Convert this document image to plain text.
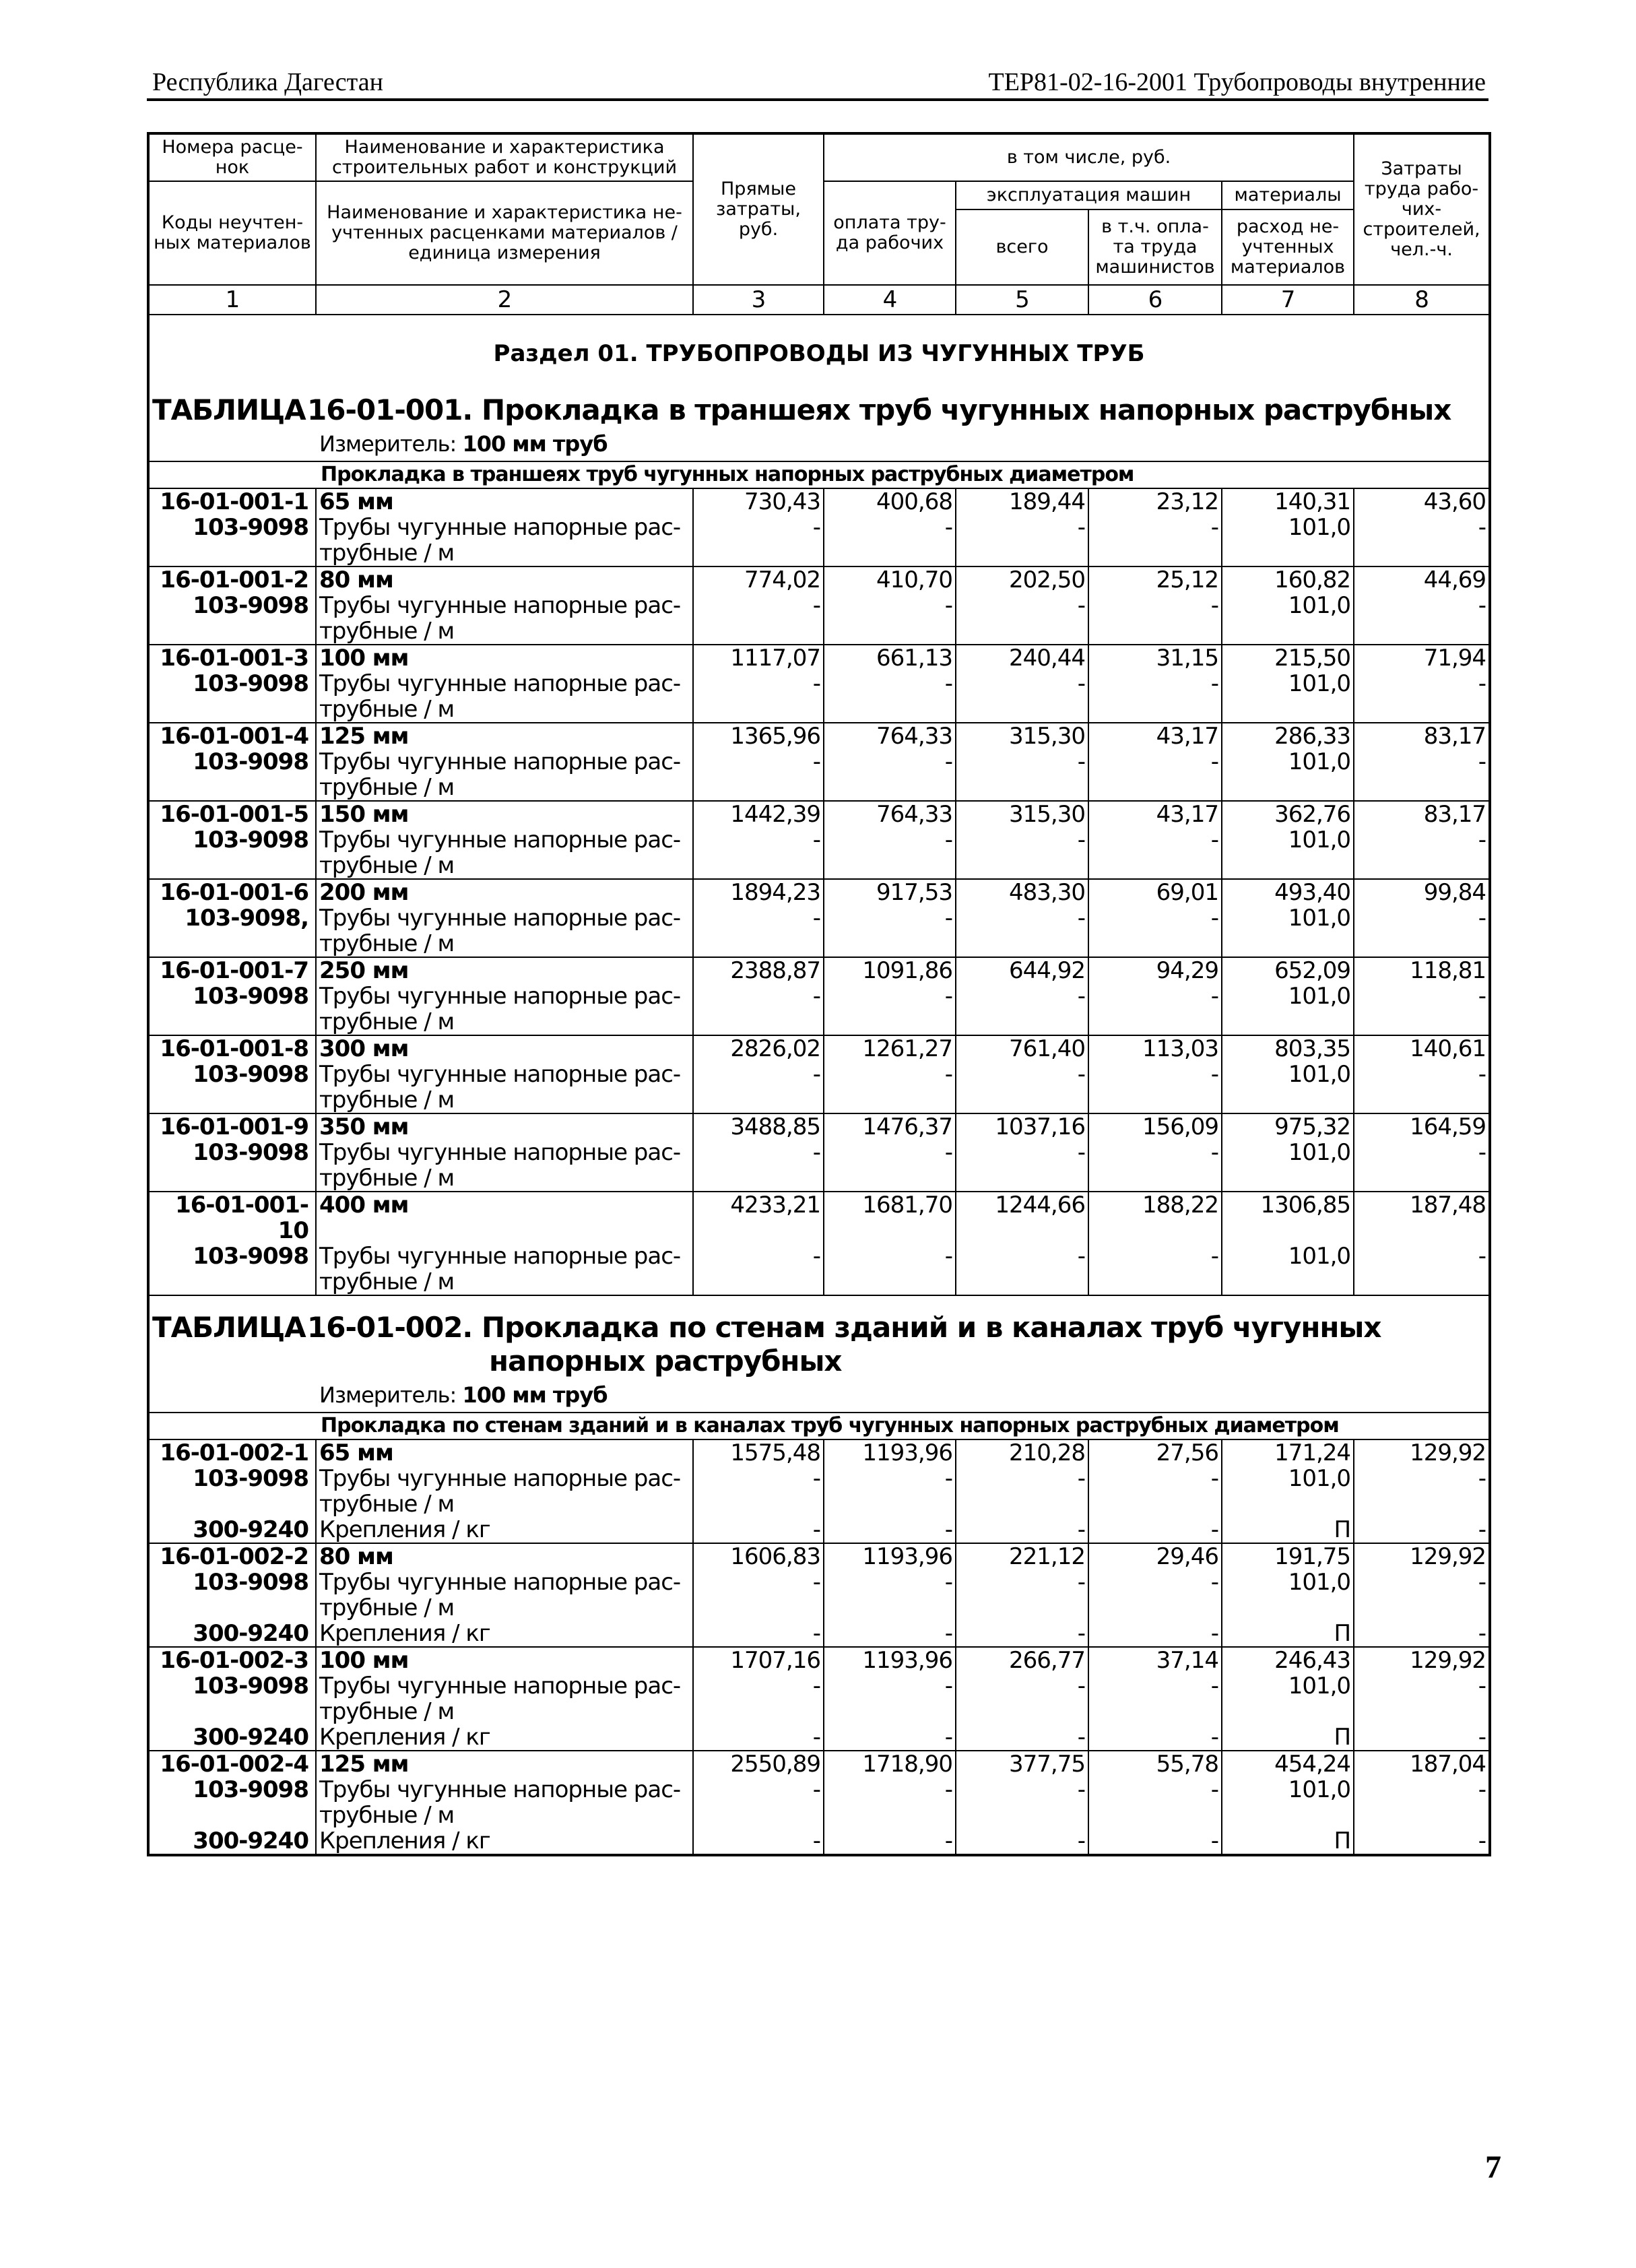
Республика Дагестан	ТЕР81-02-16-2001 Трубопроводы внутренние
Номера расце-нок	Наименование и характеристика строительных работ и конструкций	Прямые затраты, руб.	в том числе, руб.				Затраты труда рабо-чих-строителей, чел.-ч.
Коды неучтен-ных материалов	Наименование и характеристика не-учтенных расценками материалов / единица измерения		оплата тру-да рабочих	эксплуатация машин		материалы	
				всего	в т.ч. опла-та труда машинистов	расход не-учтенных материалов	
1	2	3	4	5	6	7	8
Раздел 01. ТРУБОПРОВОДЫ ИЗ ЧУГУННЫХ ТРУБ							
ТАБЛИЦА16-01-001. Прокладка в траншеях труб чугунных напорных раструбных							
Измеритель: 100 мм труб							
Прокладка в траншеях труб чугунных напорных раструбных диаметром							
16-01-001-1	65 мм	730,43	400,68	189,44	23,12	140,31	43,60
103-9098	Трубы чугунные напорные рас-трубные / м	-	-	-	-	101,0	-
16-01-001-2	80 мм	774,02	410,70	202,50	25,12	160,82	44,69
103-9098	Трубы чугунные напорные рас-трубные / м	-	-	-	-	101,0	-
16-01-001-3	100 мм	1117,07	661,13	240,44	31,15	215,50	71,94
103-9098	Трубы чугунные напорные рас-трубные / м	-	-	-	-	101,0	-
16-01-001-4	125 мм	1365,96	764,33	315,30	43,17	286,33	83,17
103-9098	Трубы чугунные напорные рас-трубные / м	-	-	-	-	101,0	-
16-01-001-5	150 мм	1442,39	764,33	315,30	43,17	362,76	83,17
103-9098	Трубы чугунные напорные рас-трубные / м	-	-	-	-	101,0	-
16-01-001-6	200 мм	1894,23	917,53	483,30	69,01	493,40	99,84
103-9098,	Трубы чугунные напорные рас-трубные / м	-	-	-	-	101,0	-
16-01-001-7	250 мм	2388,87	1091,86	644,92	94,29	652,09	118,81
103-9098	Трубы чугунные напорные рас-трубные / м	-	-	-	-	101,0	-
16-01-001-8	300 мм	2826,02	1261,27	761,40	113,03	803,35	140,61
103-9098	Трубы чугунные напорные рас-трубные / м	-	-	-	-	101,0	-
16-01-001-9	350 мм	3488,85	1476,37	1037,16	156,09	975,32	164,59
103-9098	Трубы чугунные напорные рас-трубные / м	-	-	-	-	101,0	-
16-01-001-10	400 мм	4233,21	1681,70	1244,66	188,22	1306,85	187,48
103-9098	Трубы чугунные напорные рас-трубные / м	-	-	-	-	101,0	-

ТАБЛИЦА16-01-002. Прокладка по стенам зданий и в каналах труб чугунных
напорных раструбных							
Измеритель: 100 мм труб							
Прокладка по стенам зданий и в каналах труб чугунных напорных раструбных диаметром							
16-01-002-1	65 мм	1575,48	1193,96	210,28	27,56	171,24	129,92
103-9098	Трубы чугунные напорные рас-трубные / м	-	-	-	-	101,0	-
300-9240	Крепления / кг	-	-	-	-	П	-
16-01-002-2	80 мм	1606,83	1193,96	221,12	29,46	191,75	129,92
103-9098	Трубы чугунные напорные рас-трубные / м	-	-	-	-	101,0	-
300-9240	Крепления / кг	-	-	-	-	П	-
16-01-002-3	100 мм	1707,16	1193,96	266,77	37,14	246,43	129,92
103-9098	Трубы чугунные напорные рас-трубные / м	-	-	-	-	101,0	-
300-9240	Крепления / кг	-	-	-	-	П	-
16-01-002-4	125 мм	2550,89	1718,90	377,75	55,78	454,24	187,04
103-9098	Трубы чугунные напорные рас-трубные / м	-	-	-	-	101,0	-
300-9240	Крепления / кг	-	-	-	-	П	-
7
